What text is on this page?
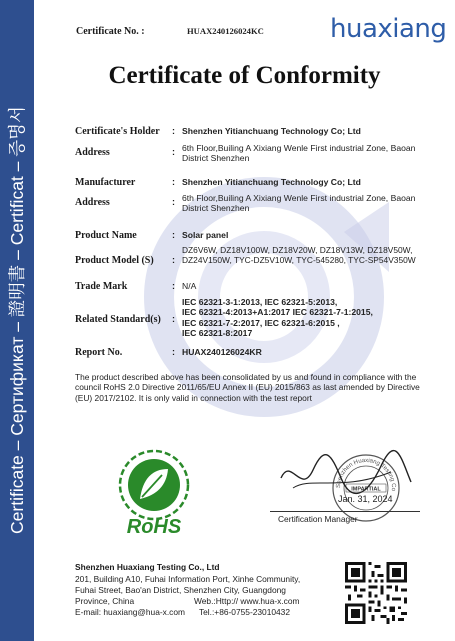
Certificate – Сертификат – 證明書 – Certificat – 증명서
Certificate No. :	HUAX240126024KC	huaxiang
Certificate of Conformity
Certificate's Holder : Shenzhen Yitianchuang Technology Co; Ltd
Address	: 6th Floor,Builing A Xixiang Wenle First industrial Zone, Baoan District Shenzhen
Manufacturer	: Shenzhen Yitianchuang Technology Co; Ltd
Address	: 6th Floor,Builing A Xixiang Wenle First industrial Zone, Baoan District Shenzhen
Product Name	: Solar panel
Product Model (S) :
DZ6V6W, DZ18V100W, DZ18V20W, DZ18V13W, DZ18V50W, DZ24V150W, TYC-DZ5V10W, TYC-545280, TYC-SP54V350W
Trade Mark	: N/A
Related Standard(s) :
IEC 62321-3-1:2013, IEC 62321-5:2013,
IEC 62321-4:2013+A1:2017 IEC 62321-7-1:2015,
IEC 62321-7-2:2017, IEC 62321-6:2015 ,
IEC 62321-8:2017
Report No.	: HUAX240126024KR
The product described above has been consolidated by us and found in compliance with the council RoHS 2.0 Directive 2011/65/EU Annex II (EU) 2015/863 as last amended by Directive (EU) 2017/2102. It is only valid in connection with the test report
RoHS
Shenzhen Huaxiang Testing Co
IMPARTIAL
Jan. 31, 2024
Certification Manager
Shenzhen Huaxiang Testing Co., Ltd
201, Building A10, Fuhai Information Port, Xinhe Community,
Fuhai Street, Bao'an District, Shenzhen City, Guangdong
Province, China
E-mail: huaxiang@hua-x.com Tel.:+86-0755-23010432
Web.:Http:// www.hua-x.com
